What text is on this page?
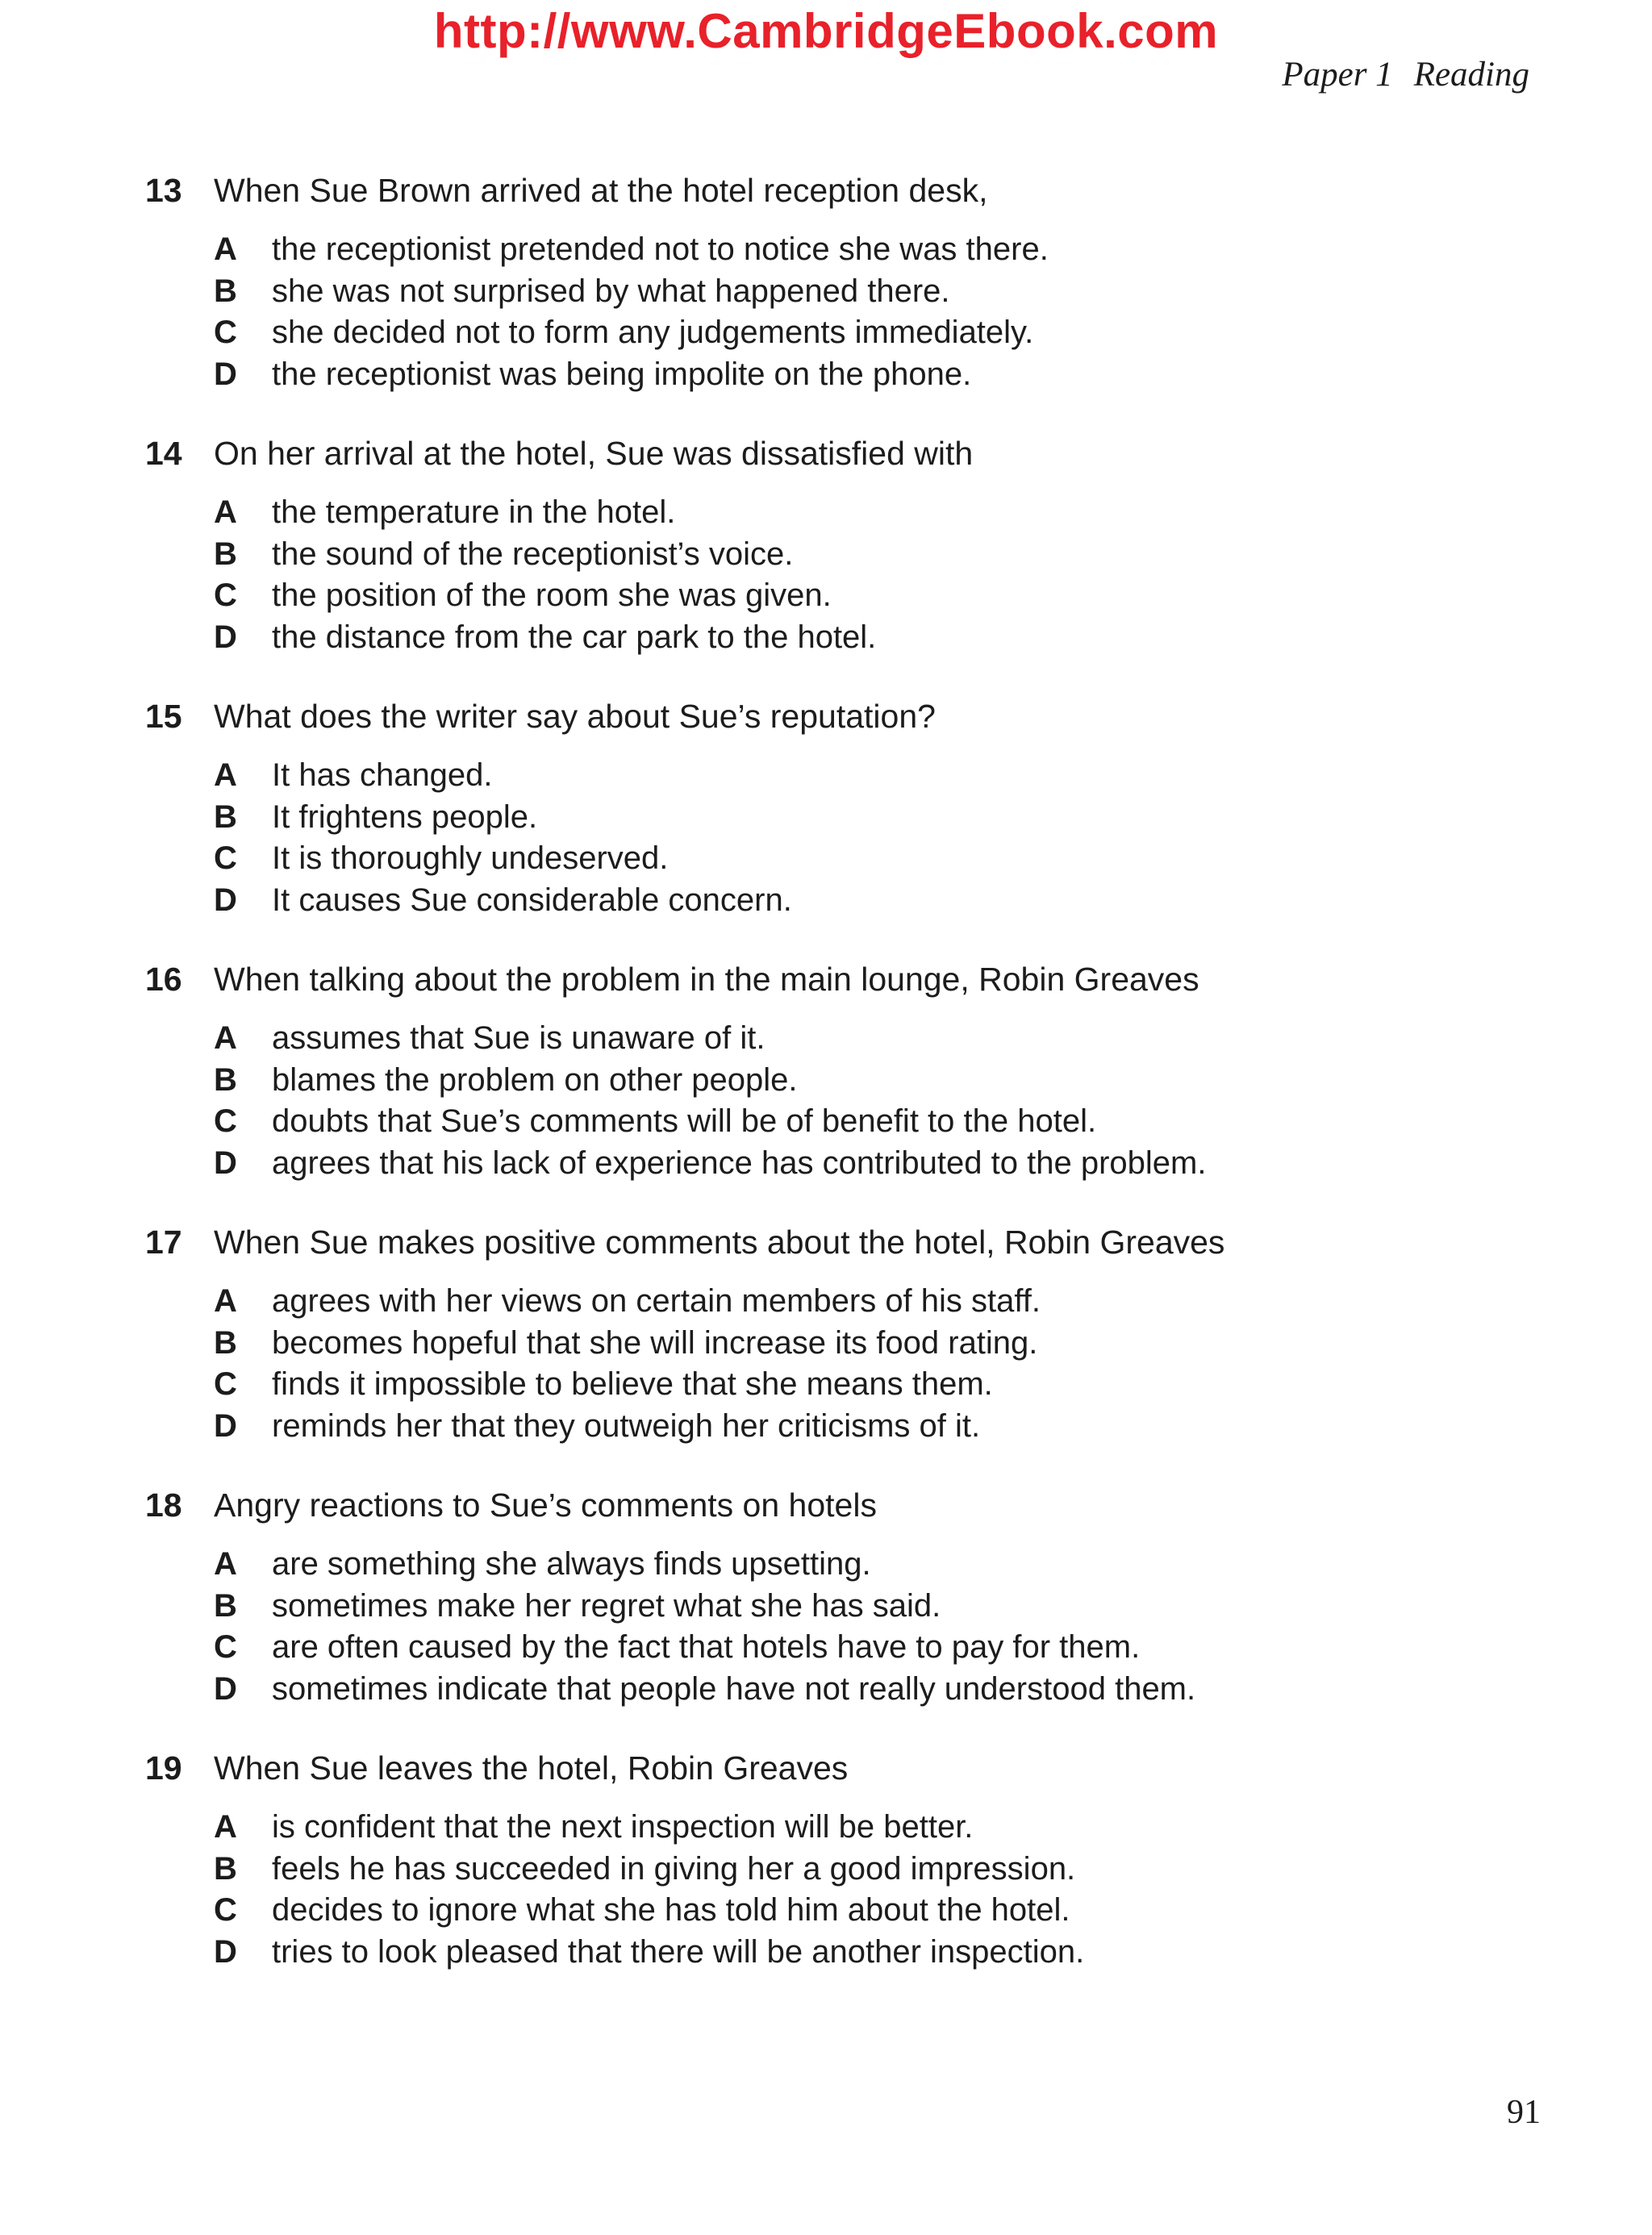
http://www.CambridgeEbook.com
Paper 1 Reading
13 When Sue Brown arrived at the hotel reception desk,
A	the receptionist pretended not to notice she was there.
B	she was not surprised by what happened there.
C	she decided not to form any judgements immediately.
D	the receptionist was being impolite on the phone.
14 On her arrival at the hotel, Sue was dissatisfied with
A	the temperature in the hotel.
B	the sound of the receptionist’s voice.
C	the position of the room she was given.
D	the distance from the car park to the hotel.
15 What does the writer say about Sue’s reputation?
A	It has changed.
B	It frightens people.
C	It is thoroughly undeserved.
D	It causes Sue considerable concern.
16 When talking about the problem in the main lounge, Robin Greaves
A	assumes that Sue is unaware of it.
B	blames the problem on other people.
C	doubts that Sue’s comments will be of benefit to the hotel.
D	agrees that his lack of experience has contributed to the problem.
17 When Sue makes positive comments about the hotel, Robin Greaves
A	agrees with her views on certain members of his staff.
B	becomes hopeful that she will increase its food rating.
C	finds it impossible to believe that she means them.
D	reminds her that they outweigh her criticisms of it.
18 Angry reactions to Sue’s comments on hotels
A	are something she always finds upsetting.
B	sometimes make her regret what she has said.
C	are often caused by the fact that hotels have to pay for them.
D	sometimes indicate that people have not really understood them.
19 When Sue leaves the hotel, Robin Greaves
A	is confident that the next inspection will be better.
B	feels he has succeeded in giving her a good impression.
C	decides to ignore what she has told him about the hotel.
D	tries to look pleased that there will be another inspection.
91
